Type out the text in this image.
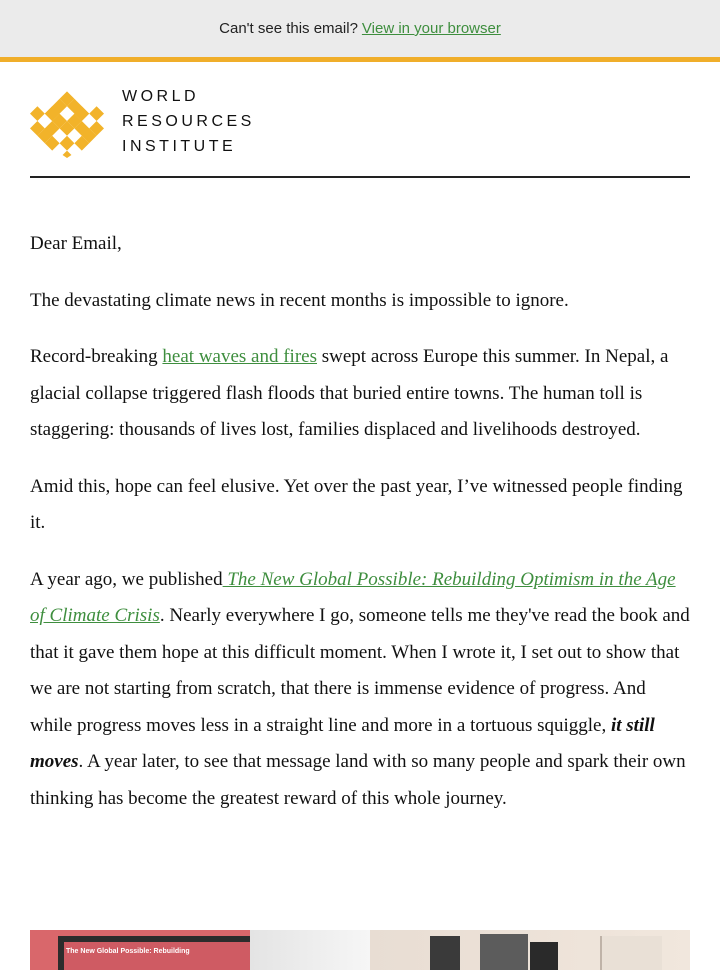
Can't see this email? View in your browser
WORLD
RESOURCES
INSTITUTE

Dear Email,

The devastating climate news in recent months is impossible to ignore.

Record-breaking heat waves and fires swept across Europe this summer. In Nepal, a glacial collapse triggered flash floods that buried entire towns. The human toll is staggering: thousands of lives lost, families displaced and livelihoods destroyed.

Amid this, hope can feel elusive. Yet over the past year, I’ve witnessed people finding it.

A year ago, we published The New Global Possible: Rebuilding Optimism in the Age of Climate Crisis. Nearly everywhere I go, someone tells me they've read the book and that it gave them hope at this difficult moment. When I wrote it, I set out to show that we are not starting from scratch, that there is immense evidence of progress. And while progress moves less in a straight line and more in a tortuous squiggle, it still moves. A year later, to see that message land with so many people and spark their own thinking has become the greatest reward of this whole journey.

The New Global Possible: Rebuilding
